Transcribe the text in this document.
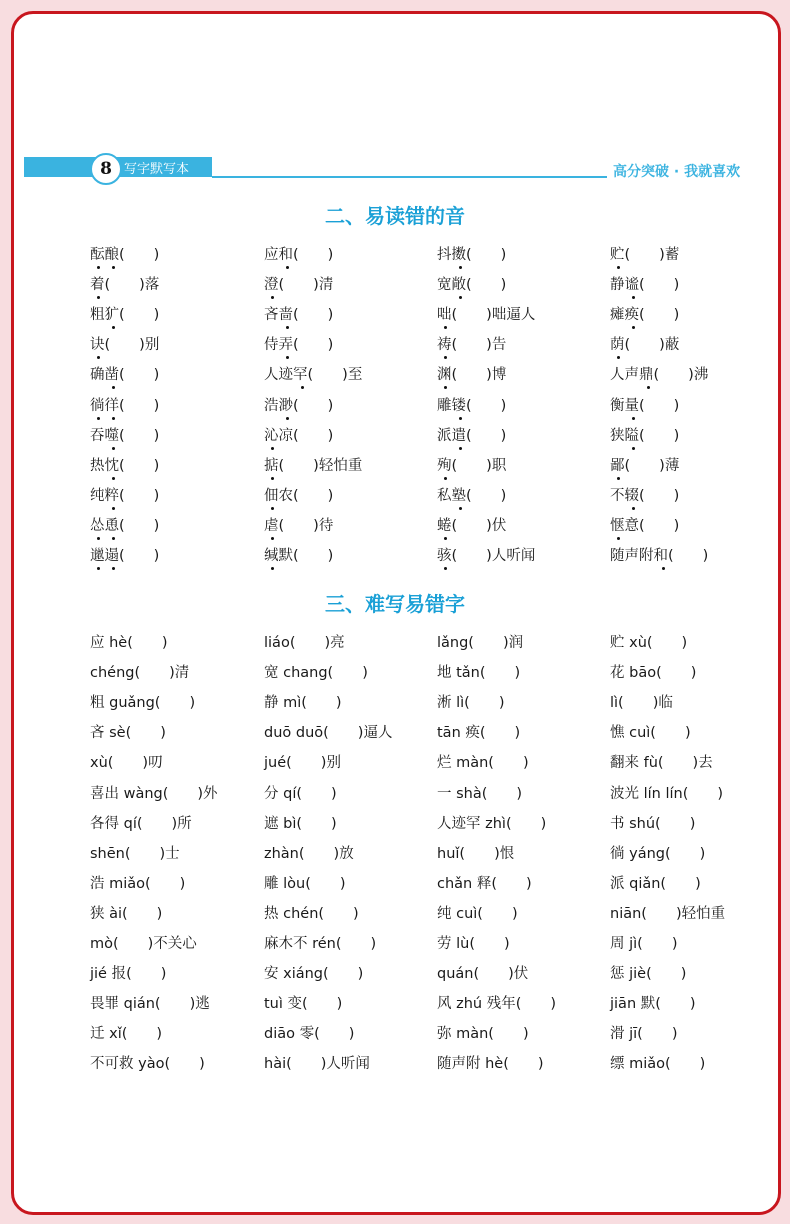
8 写字默写本	高分突破 · 我就喜欢
二、易读错的音
酝酿(　　)	应和(　　)	抖擞(　　)	贮(　　)蓄
着(　　)落	澄(　　)清	宽敞(　　)	静谧(　　)
粗犷(　　)	吝啬(　　)	咄(　　)咄逼人	瘫痪(　　)
诀(　　)别	侍弄(　　)	祷(　　)告	荫(　　)蔽
确凿(　　)	人迹罕(　　)至	渊(　　)博	人声鼎(　　)沸
徜徉(　　)	浩渺(　　)	雕镂(　　)	衡量(　　)
吞噬(　　)	沁凉(　　)	派遣(　　)	狭隘(　　)
热忱(　　)	掂(　　)轻怕重	殉(　　)职	鄙(　　)薄
纯粹(　　)	佃农(　　)	私塾(　　)	不辍(　　)
怂恿(　　)	虐(　　)待	蜷(　　)伏	惬意(　　)
邋遢(　　)	缄默(　　)	骇(　　)人听闻	随声附和(　　)
三、难写易错字
应 hè(　　)	liáo(　　)亮	lǎng(　　)润	贮 xù(　　)
chéng(　　)清	宽 chang(　　)	地 tǎn(　　)	花 bāo(　　)
粗 guǎng(　　)	静 mì(　　)	淅 lì(　　)	lì(　　)临
吝 sè(　　)	duō duō(　　)逼人	tān 痪(　　)	憔 cuì(　　)
xù(　　)叨	jué(　　)别	烂 màn(　　)	翻来 fù(　　)去
喜出 wàng(　　)外	分 qí(　　)	一 shà(　　)	波光 lín lín(　　)
各得 qí(　　)所	遮 bì(　　)	人迹罕 zhì(　　)	书 shú(　　)
shēn(　　)士	zhàn(　　)放	huǐ(　　)恨	徜 yáng(　　)
浩 miǎo(　　)	雕 lòu(　　)	chǎn 释(　　)	派 qiǎn(　　)
狭 ài(　　)	热 chén(　　)	纯 cuì(　　)	niān(　　)轻怕重
mò(　　)不关心	麻木不 rén(　　)	劳 lù(　　)	周 jì(　　)
jié 报(　　)	安 xiáng(　　)	quán(　　)伏	惩 jiè(　　)
畏罪 qián(　　)逃	tuì 变(　　)	风 zhú 残年(　　)	jiān 默(　　)
迁 xǐ(　　)	diāo 零(　　)	弥 màn(　　)	滑 jī(　　)
不可救 yào(　　)	hài(　　)人听闻	随声附 hè(　　)	缥 miǎo(　　)
